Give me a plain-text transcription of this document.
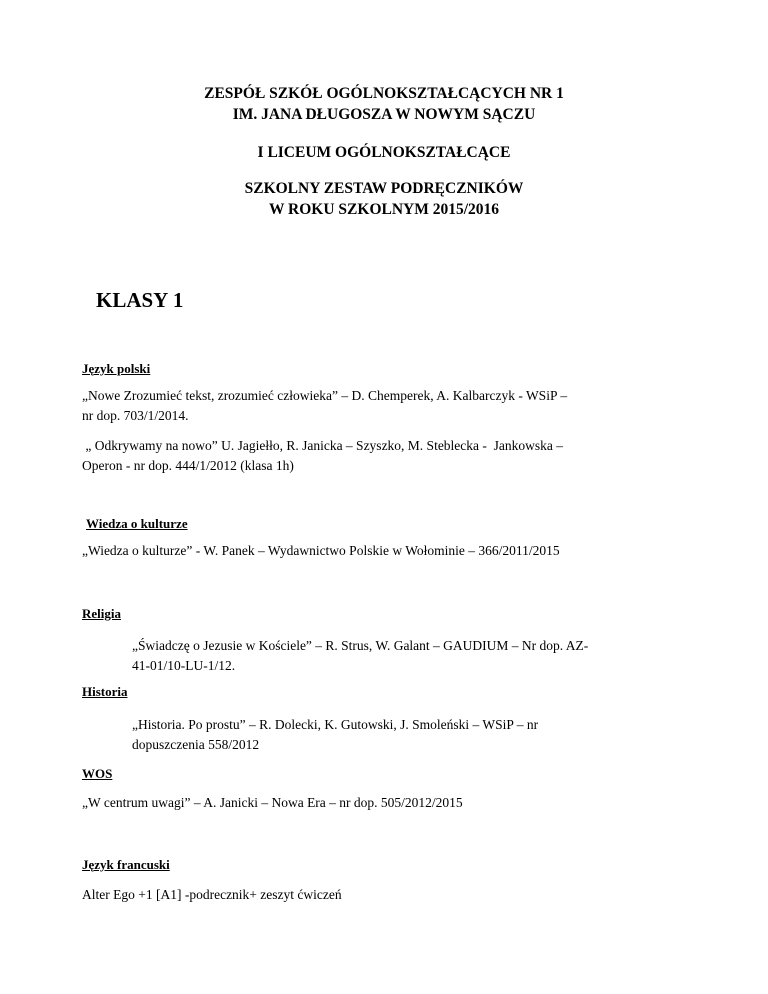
ZESPÓŁ SZKÓŁ OGÓLNOKSZTAŁCĄCYCH NR 1
IM. JANA DŁUGOSZA W NOWYM SĄCZU
I LICEUM OGÓLNOKSZTAŁCĄCE
SZKOLNY ZESTAW PODRĘCZNIKÓW
W ROKU SZKOLNYM 2015/2016
KLASY 1
Język polski
„Nowe Zrozumieć tekst, zrozumieć człowieka” – D. Chemperek, A. Kalbarczyk - WSiP –
nr dop. 703/1/2014.
„ Odkrywamy na nowo” U. Jagiełło, R. Janicka – Szyszko, M. Steblecka -  Jankowska –
Operon - nr dop. 444/1/2012 (klasa 1h)
Wiedza o kulturze
„Wiedza o kulturze” - W. Panek – Wydawnictwo Polskie w Wołominie – 366/2011/2015
Religia
„Świadczę o Jezusie w Kościele” – R. Strus, W. Galant – GAUDIUM – Nr dop. AZ-
41-01/10-LU-1/12.
Historia
„Historia. Po prostu” – R. Dolecki, K. Gutowski, J. Smoleński – WSiP – nr
dopuszczenia 558/2012
WOS
„W centrum uwagi” – A. Janicki – Nowa Era – nr dop. 505/2012/2015
Język francuski
Alter Ego +1 [A1] -podrecznik+ zeszyt ćwiczeń
